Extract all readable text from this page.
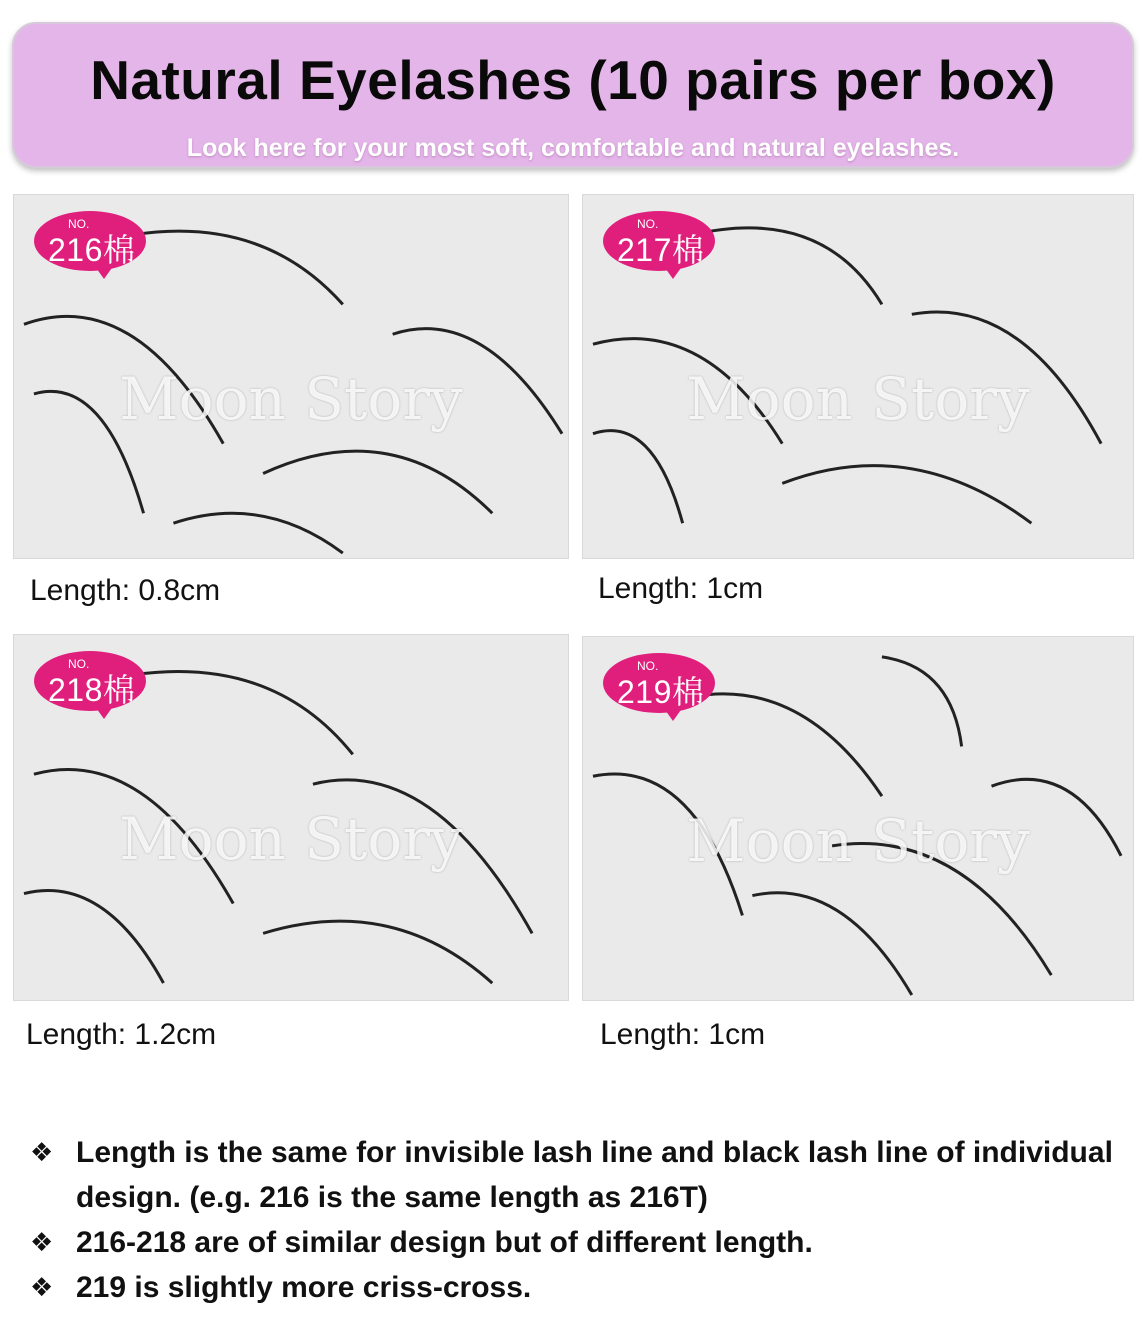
Natural Eyelashes (10 pairs per box)
Look here for your most soft, comfortable and natural eyelashes.
NO.
216棉
Moon Story
Length: 0.8cm
NO.
217棉
Moon Story
Length: 1cm
NO.
218棉
Moon Story
Length: 1.2cm
NO.
219棉
Moon Story
Length: 1cm
❖ Length is the same for invisible lash line and black lash line of individual design. (e.g. 216 is the same length as 216T)
❖ 216-218 are of similar design but of different length.
❖ 219 is slightly more criss-cross.
